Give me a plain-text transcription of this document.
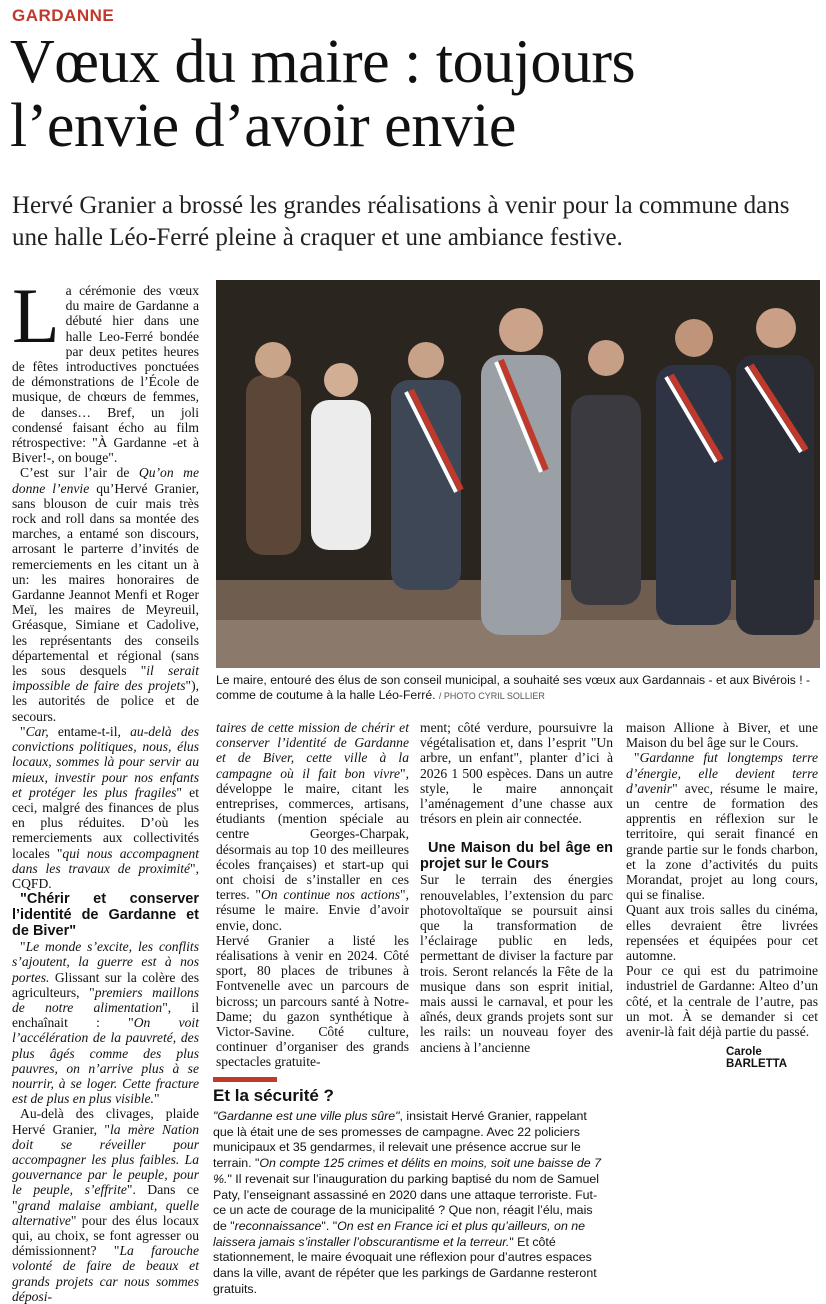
GARDANNE
Vœux du maire : toujours l’envie d’avoir envie
Hervé Granier a brossé les grandes réalisations à venir pour la commune dans une halle Léo-Ferré pleine à craquer et une ambiance festive.

La cérémonie des vœux du maire de Gardanne a débuté hier dans une halle Leo-Ferré bondée par deux petites heures de fêtes introductives ponctuées de démonstrations de l’École de musique, de chœurs de femmes, de danses… Bref, un joli condensé faisant écho au film rétrospective: "À Gardanne -et à Biver!-, on bouge".

C’est sur l’air de Qu’on me donne l’envie qu’Hervé Granier, sans blouson de cuir mais très rock and roll dans sa montée des marches, a entamé son discours, arrosant le parterre d’invités de remerciements en les citant un à un: les maires honoraires de Gardanne Jeannot Menfi et Roger Meï, les maires de Meyreuil, Gréasque, Simiane et Cadolive, les représentants des conseils départemental et régional (sans les sous desquels "il serait impossible de faire des projets"), les autorités de police et de secours.

"Car, entame-t-il, au-delà des convictions politiques, nous, élus locaux, sommes là pour servir au mieux, investir pour nos enfants et protéger les plus fragiles" et ceci, malgré des finances de plus en plus réduites. D’où les remerciements aux collectivités locales "qui nous accompagnent dans les travaux de proximité", CQFD.

"Chérir et conserver l’identité de Gardanne et de Biver"

"Le monde s’excite, les conflits s’ajoutent, la guerre est à nos portes. Glissant sur la colère des agriculteurs, "premiers maillons de notre alimentation", il enchaînait : "On voit l’accélération de la pauvreté, des plus âgés comme des plus pauvres, on n’arrive plus à se nourrir, à se loger. Cette fracture est de plus en plus visible."

Au-delà des clivages, plaide Hervé Granier, "la mère Nation doit se réveiller pour accompagner les plus faibles. La gouvernance par le peuple, pour le peuple, s’effrite". Dans ce "grand malaise ambiant, quelle alternative" pour des élus locaux qui, au choix, se font agresser ou démissionnent? "La farouche volonté de faire de beaux et grands projets car nous sommes déposi-

Le maire, entouré des élus de son conseil municipal, a souhaité ses vœux aux Gardannais - et aux Bivérois ! - comme de coutume à la halle Léo-Ferré. / PHOTO CYRIL SOLLIER

taires de cette mission de chérir et conserver l’identité de Gardanne et de Biver, cette ville à la campagne où il fait bon vivre", développe le maire, citant les entreprises, commerces, artisans, étudiants (mention spéciale au centre Georges-Charpak, désormais au top 10 des meilleures écoles françaises) et start-up qui ont choisi de s’installer en ces terres. "On continue nos actions", résume le maire. Envie d’avoir envie, donc.

Hervé Granier a listé les réalisations à venir en 2024. Côté sport, 80 places de tribunes à Fontvenelle avec un parcours de bicross; un parcours santé à Notre-Dame; du gazon synthétique à Victor-Savine. Côté culture, continuer d’organiser des grands spectacles gratuite-

ment; côté verdure, poursuivre la végétalisation et, dans l’esprit "Un arbre, un enfant", planter d’ici à 2026 1 500 espèces. Dans un autre style, le maire annonçait l’aménagement d’une chasse aux trésors en plein air connectée.

Une Maison du bel âge en projet sur le Cours

Sur le terrain des énergies renouvelables, l’extension du parc photovoltaïque se poursuit ainsi que la transformation de l’éclairage public en leds, permettant de diviser la facture par trois. Seront relancés la Fête de la musique dans son esprit initial, mais aussi le carnaval, et pour les aînés, deux grands projets sont sur les rails: un nouveau foyer des anciens à l’ancienne

maison Allione à Biver, et une Maison du bel âge sur le Cours.

"Gardanne fut longtemps terre d’énergie, elle devient terre d’avenir" avec, résume le maire, un centre de formation des apprentis en réflexion sur le territoire, qui serait financé en grande partie sur le fonds charbon, et la zone d’activités du puits Morandat, projet au long cours, qui se finalise.

Quant aux trois salles du cinéma, elles devraient être livrées repensées et équipées pour cet automne.

Pour ce qui est du patrimoine industriel de Gardanne: Alteo d’un côté, et la centrale de l’autre, pas un mot. À se demander si cet avenir-là fait déjà partie du passé.

Carole BARLETTA
Et la sécurité ?
"Gardanne est une ville plus sûre", insistait Hervé Granier, rappelant que là était une de ses promesses de campagne. Avec 22 policiers municipaux et 35 gendarmes, il relevait une présence accrue sur le terrain. "On compte 125 crimes et délits en moins, soit une baisse de 7 %." Il revenait sur l’inauguration du parking baptisé du nom de Samuel Paty, l’enseignant assassiné en 2020 dans une attaque terroriste. Fut-ce un acte de courage de la municipalité ? Que non, réagit l’élu, mais de "reconnaissance". "On est en France ici et plus qu’ailleurs, on ne laissera jamais s’installer l’obscurantisme et la terreur." Et côté stationnement, le maire évoquait une réflexion pour d’autres espaces dans la ville, avant de répéter que les parkings de Gardanne resteront gratuits.
